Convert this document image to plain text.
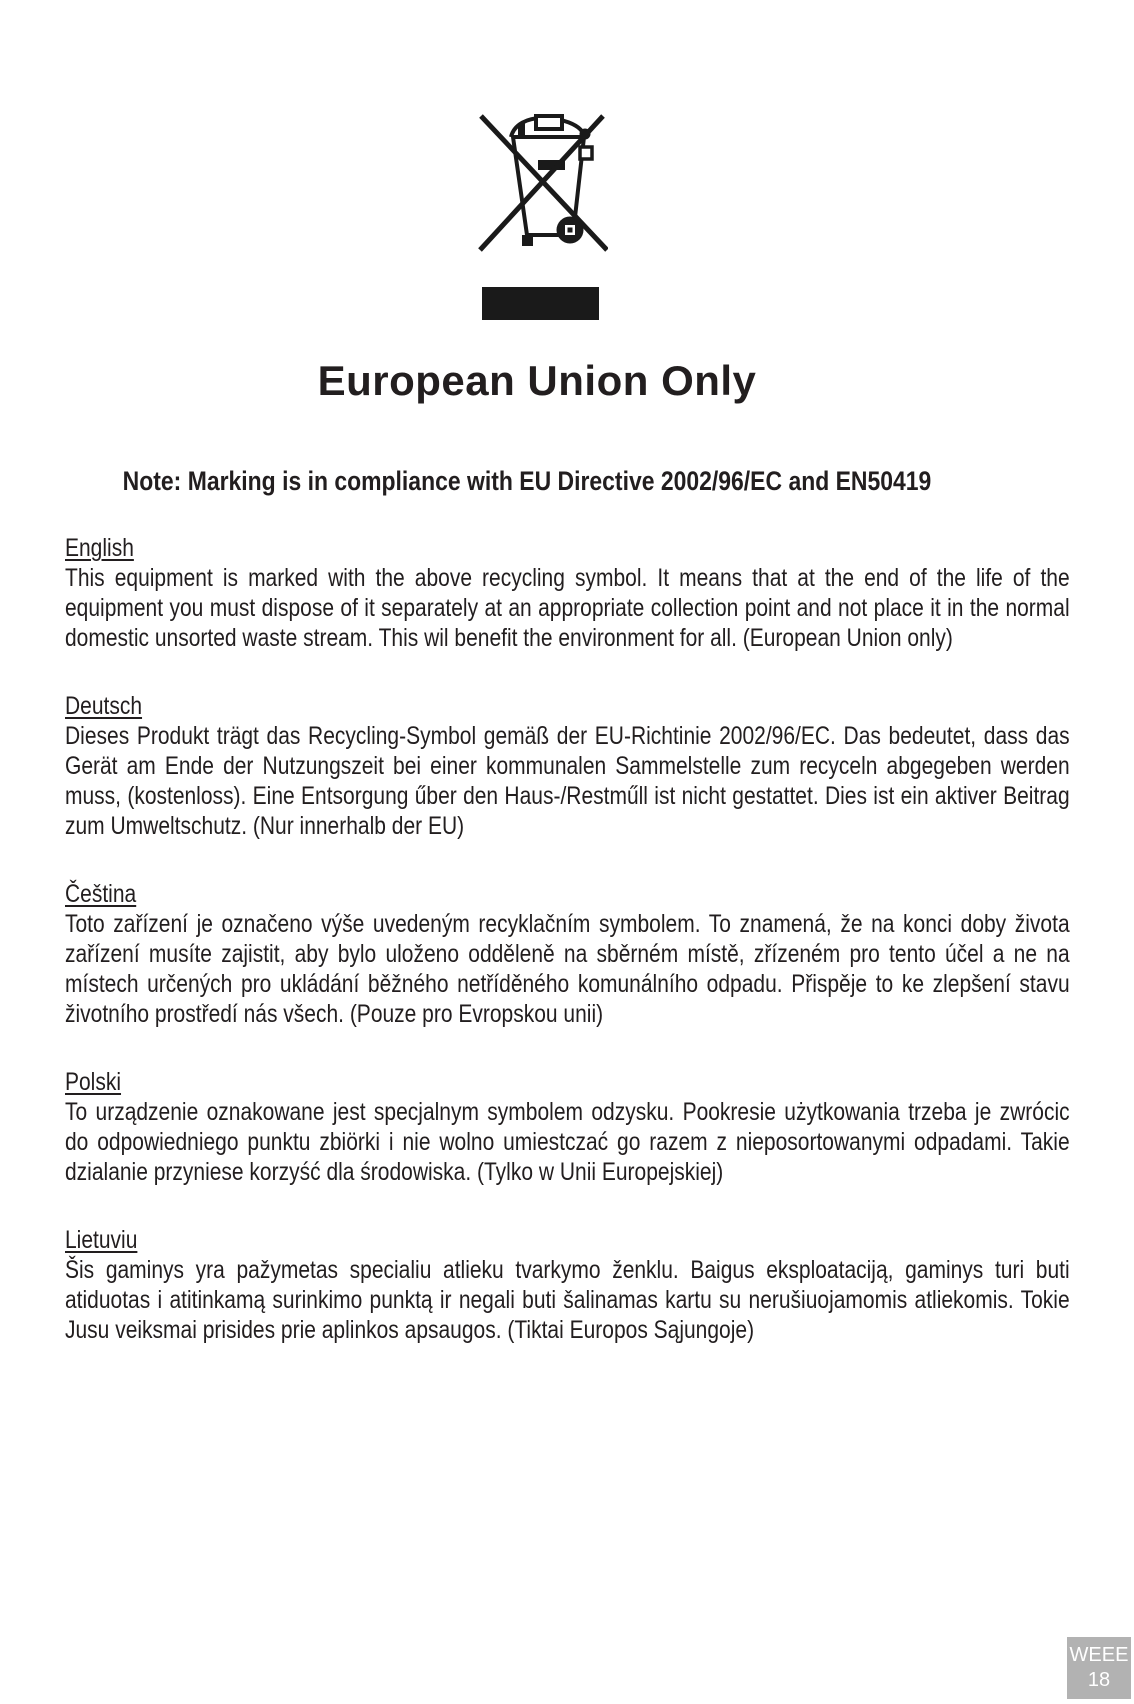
European Union Only
Note: Marking is in compliance with EU Directive 2002/96/EC and EN50419
English

This equipment is marked with the above recycling symbol. It means that at the end of the life of the equipment you must dispose of it separately at an appropriate collection point and not place it in the normal domestic unsorted waste stream. This wil benefit the environment for all. (European Union only)

Deutsch

Dieses Produkt trägt das Recycling-Symbol gemäß der EU-Richtinie 2002/96/EC. Das bedeutet, dass das Gerät am Ende der Nutzungszeit bei einer kommunalen Sammelstelle zum recyceln abgegeben werden muss, (kostenloss). Eine Entsorgung űber den Haus-/Restműll ist nicht gestattet. Dies ist ein aktiver Beitrag zum Umweltschutz. (Nur innerhalb der EU)

Čeština

Toto zařízení je označeno výše uvedeným recyklačním symbolem. To znamená, že na konci doby života zařízení musíte zajistit, aby bylo uloženo odděleně na sběrném místě, zřízeném pro tento účel a ne na místech určených pro ukládání běžného netříděného komunálního odpadu. Přispěje to ke zlepšení stavu životního prostředí nás všech. (Pouze pro Evropskou unii)

Polski

To urządzenie oznakowane jest specjalnym symbolem odzysku. Pookresie użytkowania trzeba je zwrócic do odpowiedniego punktu zbiörki i nie wolno umiestczać go razem z nieposortowanymi odpadami. Takie dzialanie przyniese korzyść dla środowiska. (Tylko w Unii Europejskiej)

Lietuviu

Šis gaminys yra pažymetas specialiu atlieku tvarkymo ženklu. Baigus eksploataciją, gaminys turi buti atiduotas i atitinkamą surinkimo punktą ir negali buti šalinamas kartu su nerušiuojamomis atliekomis. Tokie Jusu veiksmai prisides prie aplinkos apsaugos. (Tiktai Europos Sąjungoje)

WEEE
18
